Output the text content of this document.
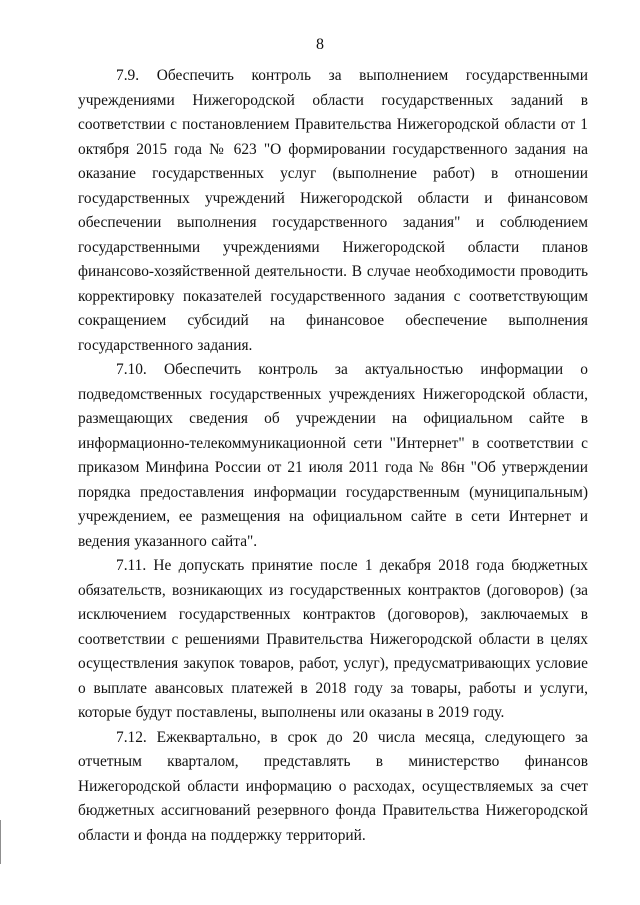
8

7.9. Обеспечить контроль за выполнением государственными учреждениями Нижегородской области государственных заданий в соответствии с постановлением Правительства Нижегородской области от 1 октября 2015 года № 623 "О формировании государственного задания на оказание государственных услуг (выполнение работ) в отношении государственных учреждений Нижегородской области и финансовом обеспечении выполнения государственного задания" и соблюдением государственными учреждениями Нижегородской области планов финансово-хозяйственной деятельности. В случае необходимости проводить корректировку показателей государственного задания с соответствующим сокращением субсидий на финансовое обеспечение выполнения государственного задания.

7.10. Обеспечить контроль за актуальностью информации о подведомственных государственных учреждениях Нижегородской области, размещающих сведения об учреждении на официальном сайте в информационно-телекоммуникационной сети "Интернет" в соответствии с приказом Минфина России от 21 июля 2011 года № 86н "Об утверждении порядка предоставления информации государственным (муниципальным) учреждением, ее размещения на официальном сайте в сети Интернет и ведения указанного сайта".

7.11. Не допускать принятие после 1 декабря 2018 года бюджетных обязательств, возникающих из государственных контрактов (договоров) (за исключением государственных контрактов (договоров), заключаемых в соответствии с решениями Правительства Нижегородской области в целях осуществления закупок товаров, работ, услуг), предусматривающих условие о выплате авансовых платежей в 2018 году за товары, работы и услуги, которые будут поставлены, выполнены или оказаны в 2019 году.

7.12. Ежеквартально, в срок до 20 числа месяца, следующего за отчетным кварталом, представлять в министерство финансов Нижегородской области информацию о расходах, осуществляемых за счет бюджетных ассигнований резервного фонда Правительства Нижегородской области и фонда на поддержку территорий.
